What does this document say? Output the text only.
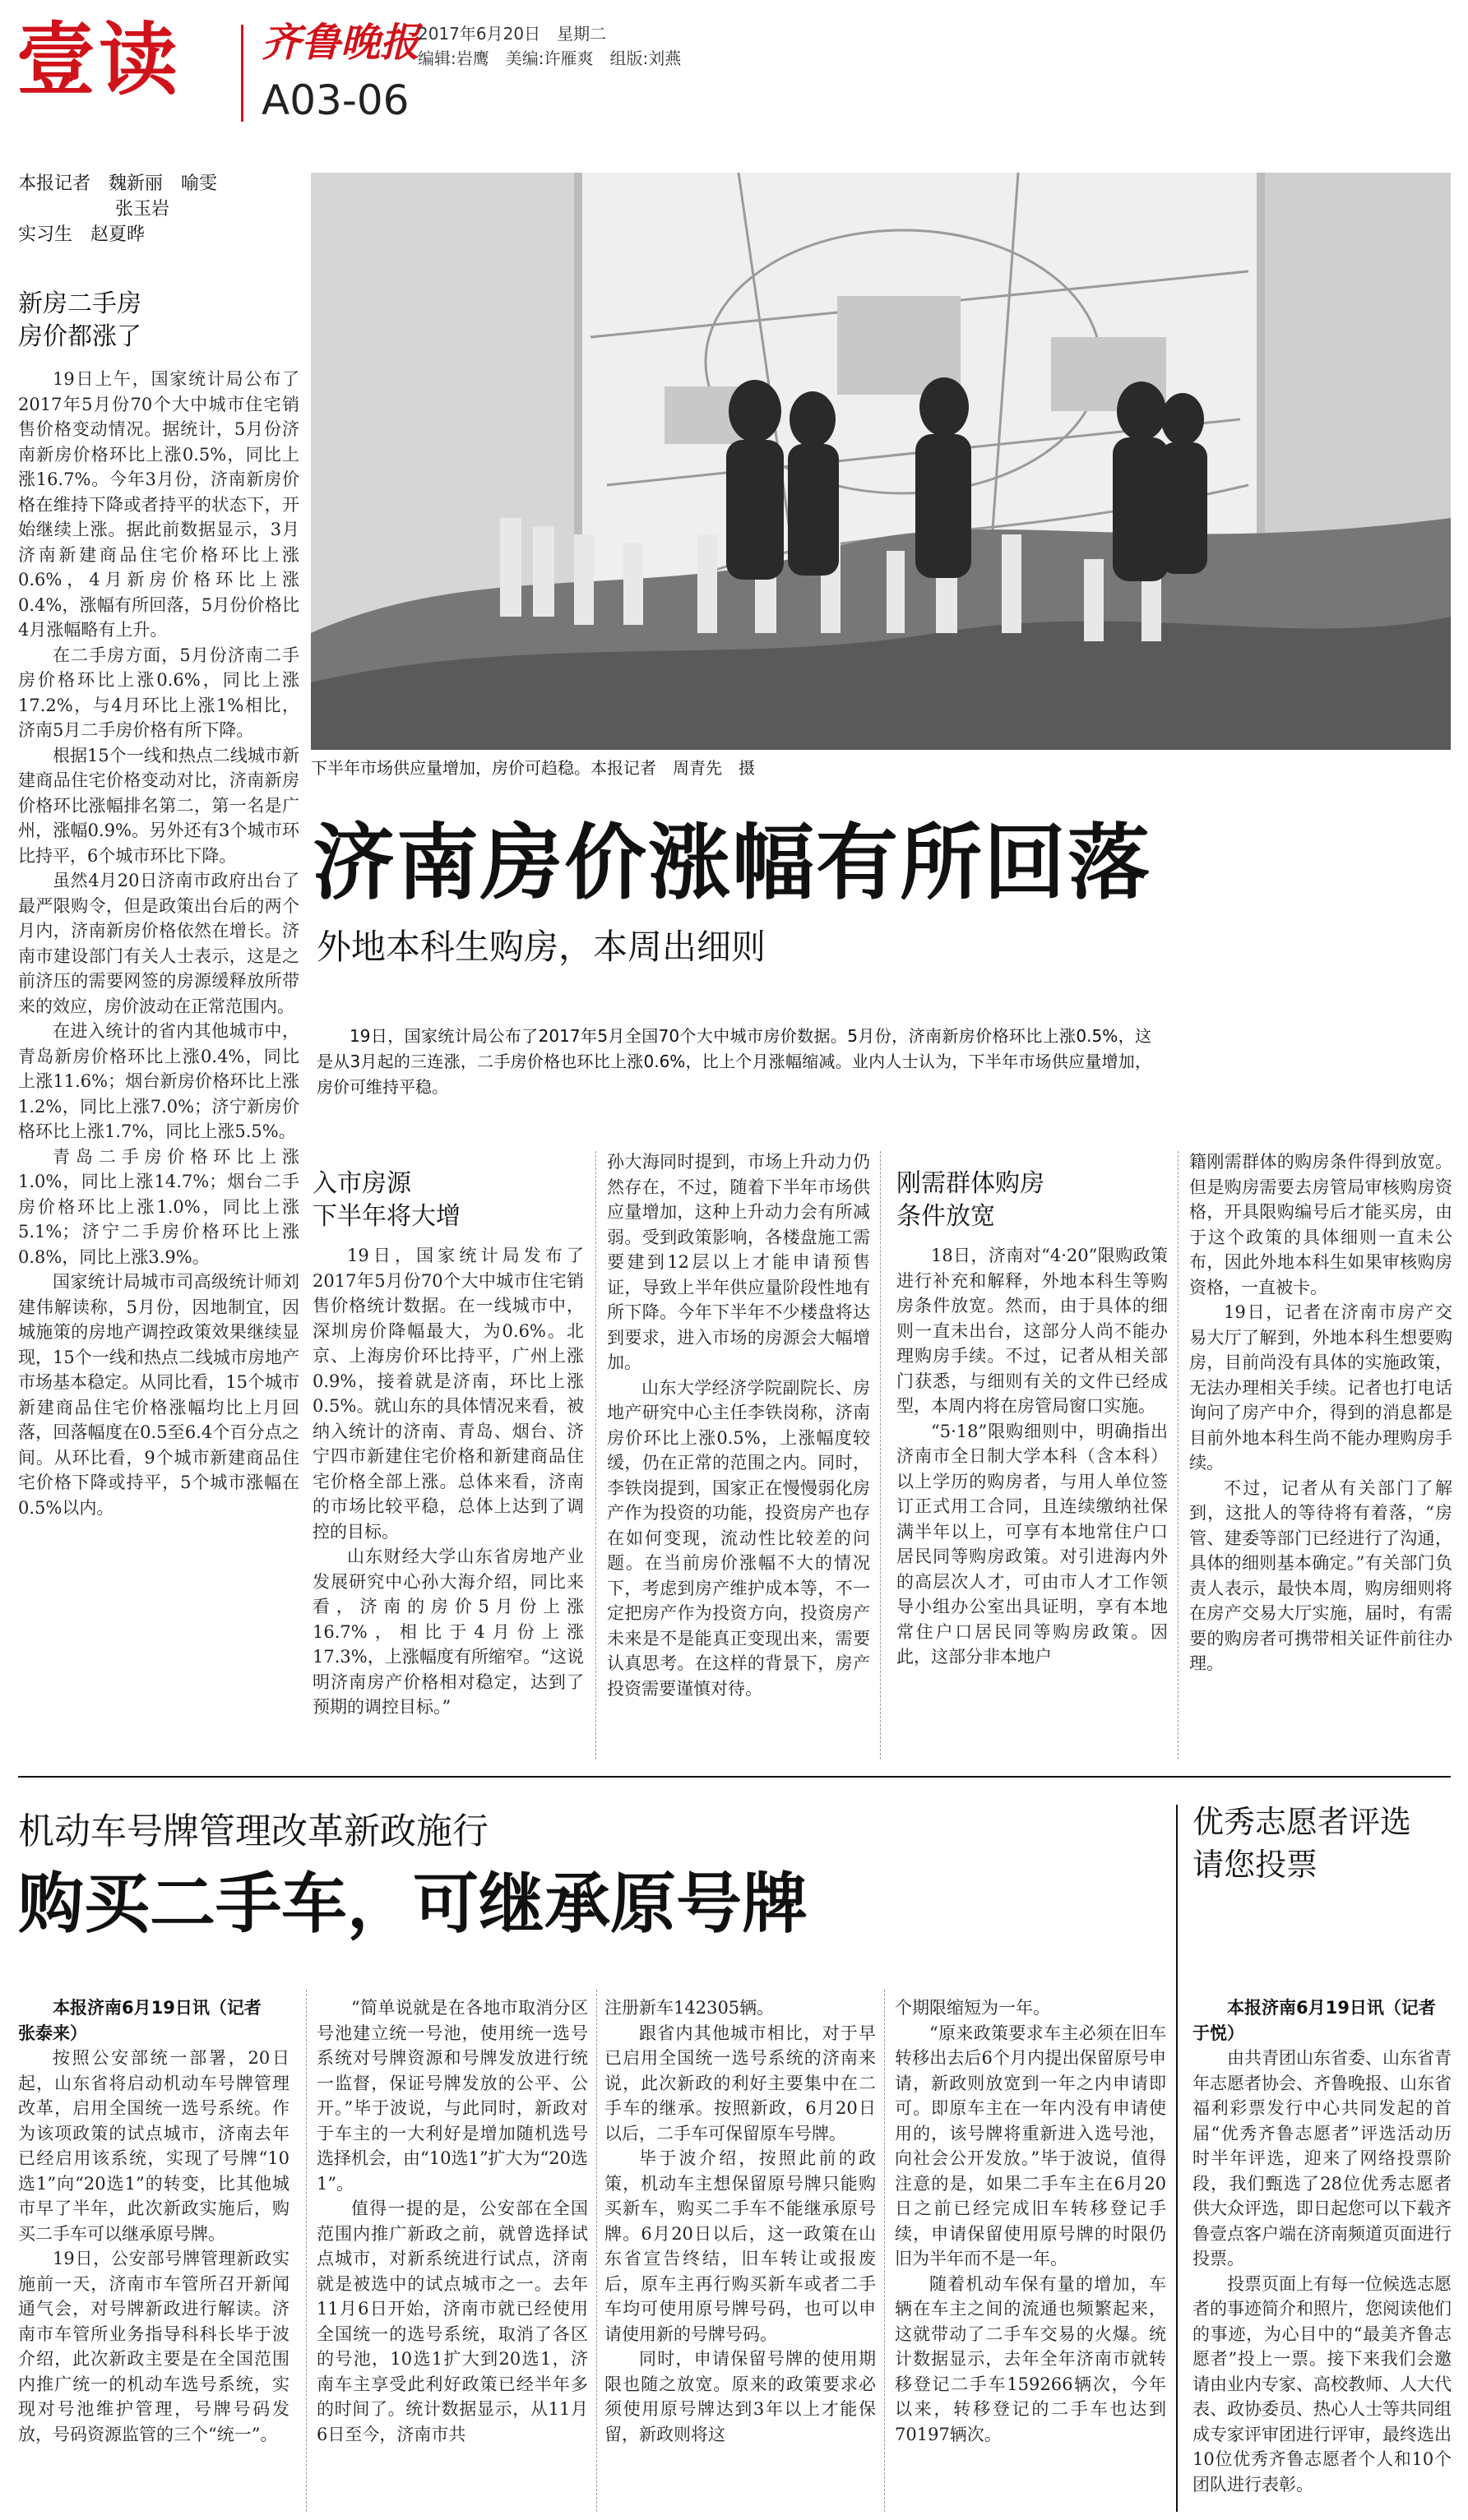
壹读 齐鲁晚报
A03-06
2017年6月20日　星期二
编辑:岩鹰　美编:许雁爽　组版:刘燕
本报记者　魏新丽　喻雯
张玉岩
实习生　赵夏晔
新房二手房
房价都涨了

19日上午，国家统计局公布了2017年5月份70个大中城市住宅销售价格变动情况。据统计，5月份济南新房价格环比上涨0.5%，同比上涨16.7%。今年3月份，济南新房价格在维持下降或者持平的状态下，开始继续上涨。据此前数据显示，3月济南新建商品住宅价格环比上涨0.6%，4月新房价格环比上涨0.4%，涨幅有所回落，5月份价格比4月涨幅略有上升。

在二手房方面，5月份济南二手房价格环比上涨0.6%，同比上涨17.2%，与4月环比上涨1%相比，济南5月二手房价格有所下降。

根据15个一线和热点二线城市新建商品住宅价格变动对比，济南新房价格环比涨幅排名第二，第一名是广州，涨幅0.9%。另外还有3个城市环比持平，6个城市环比下降。

虽然4月20日济南市政府出台了最严限购令，但是政策出台后的两个月内，济南新房价格依然在增长。济南市建设部门有关人士表示，这是之前济压的需要网签的房源缓释放所带来的效应，房价波动在正常范围内。

在进入统计的省内其他城市中，青岛新房价格环比上涨0.4%，同比上涨11.6%；烟台新房价格环比上涨1.2%，同比上涨7.0%；济宁新房价格环比上涨1.7%，同比上涨5.5%。

青岛二手房价格环比上涨1.0%，同比上涨14.7%；烟台二手房价格环比上涨1.0%，同比上涨5.1%；济宁二手房价格环比上涨0.8%，同比上涨3.9%。

国家统计局城市司高级统计师刘建伟解读称，5月份，因地制宜，因城施策的房地产调控政策效果继续显现，15个一线和热点二线城市房地产市场基本稳定。从同比看，15个城市新建商品住宅价格涨幅均比上月回落，回落幅度在0.5至6.4个百分点之间。从环比看，9个城市新建商品住宅价格下降或持平，5个城市涨幅在0.5%以内。

下半年市场供应量增加，房价可趋稳。本报记者　周青先　摄
济南房价涨幅有所回落
外地本科生购房，本周出细则
19日，国家统计局公布了2017年5月全国70个大中城市房价数据。5月份，济南新房价格环比上涨0.5%，这是从3月起的三连涨，二手房价格也环比上涨0.6%，比上个月涨幅缩减。业内人士认为，下半年市场供应量增加，房价可维持平稳。
入市房源
下半年将大增

19日，国家统计局发布了2017年5月份70个大中城市住宅销售价格统计数据。在一线城市中，深圳房价降幅最大，为0.6%。北京、上海房价环比持平，广州上涨0.9%，接着就是济南，环比上涨0.5%。就山东的具体情况来看，被纳入统计的济南、青岛、烟台、济宁四市新建住宅价格和新建商品住宅价格全部上涨。总体来看，济南的市场比较平稳，总体上达到了调控的目标。

山东财经大学山东省房地产业发展研究中心孙大海介绍，同比来看，济南的房价5月份上涨16.7%，相比于4月份上涨17.3%，上涨幅度有所缩窄。“这说明济南房产价格相对稳定，达到了预期的调控目标。”

孙大海同时提到，市场上升动力仍然存在，不过，随着下半年市场供应量增加，这种上升动力会有所减弱。受到政策影响，各楼盘施工需要建到12层以上才能申请预售证，导致上半年供应量阶段性地有所下降。今年下半年不少楼盘将达到要求，进入市场的房源会大幅增加。

山东大学经济学院副院长、房地产研究中心主任李铁岗称，济南房价环比上涨0.5%，上涨幅度较缓，仍在正常的范围之内。同时，李铁岗提到，国家正在慢慢弱化房产作为投资的功能，投资房产也存在如何变现，流动性比较差的问题。在当前房价涨幅不大的情况下，考虑到房产维护成本等，不一定把房产作为投资方向，投资房产未来是不是能真正变现出来，需要认真思考。在这样的背景下，房产投资需要谨慎对待。

刚需群体购房
条件放宽

18日，济南对“4·20”限购政策进行补充和解释，外地本科生等购房条件放宽。然而，由于具体的细则一直未出台，这部分人尚不能办理购房手续。不过，记者从相关部门获悉，与细则有关的文件已经成型，本周内将在房管局窗口实施。

“5·18”限购细则中，明确指出济南市全日制大学本科（含本科）以上学历的购房者，与用人单位签订正式用工合同，且连续缴纳社保满半年以上，可享有本地常住户口居民同等购房政策。对引进海内外的高层次人才，可由市人才工作领导小组办公室出具证明，享有本地常住户口居民同等购房政策。因此，这部分非本地户

籍刚需群体的购房条件得到放宽。但是购房需要去房管局审核购房资格，开具限购编号后才能买房，由于这个政策的具体细则一直未公布，因此外地本科生如果审核购房资格，一直被卡。

19日，记者在济南市房产交易大厅了解到，外地本科生想要购房，目前尚没有具体的实施政策，无法办理相关手续。记者也打电话询问了房产中介，得到的消息都是目前外地本科生尚不能办理购房手续。

不过，记者从有关部门了解到，这批人的等待将有着落，“房管、建委等部门已经进行了沟通，具体的细则基本确定。”有关部门负责人表示，最快本周，购房细则将在房产交易大厅实施，届时，有需要的购房者可携带相关证件前往办理。

机动车号牌管理改革新政施行
购买二手车，可继承原号牌
本报济南6月19日讯（记者　张泰来）

按照公安部统一部署，20日起，山东省将启动机动车号牌管理改革，启用全国统一选号系统。作为该项政策的试点城市，济南去年已经启用该系统，实现了号牌“10选1”向“20选1”的转变，比其他城市早了半年，此次新政实施后，购买二手车可以继承原号牌。

19日，公安部号牌管理新政实施前一天，济南市车管所召开新闻通气会，对号牌新政进行解读。济南市车管所业务指导科科长毕于波介绍，此次新政主要是在全国范围内推广统一的机动车选号系统，实现对号池维护管理，号牌号码发放，号码资源监管的三个“统一”。

“简单说就是在各地市取消分区号池建立统一号池，使用统一选号系统对号牌资源和号牌发放进行统一监督，保证号牌发放的公平、公开。”毕于波说，与此同时，新政对于车主的一大利好是增加随机选号选择机会，由“10选1”扩大为“20选1”。

值得一提的是，公安部在全国范围内推广新政之前，就曾选择试点城市，对新系统进行试点，济南就是被选中的试点城市之一。去年11月6日开始，济南市就已经使用全国统一的选号系统，取消了各区的号池，10选1扩大到20选1，济南车主享受此利好政策已经半年多的时间了。统计数据显示，从11月6日至今，济南市共

注册新车142305辆。

跟省内其他城市相比，对于早已启用全国统一选号系统的济南来说，此次新政的利好主要集中在二手车的继承。按照新政，6月20日以后，二手车可保留原车号牌。

毕于波介绍，按照此前的政策，机动车主想保留原号牌只能购买新车，购买二手车不能继承原号牌。6月20日以后，这一政策在山东省宣告终结，旧车转让或报废后，原车主再行购买新车或者二手车均可使用原号牌号码，也可以申请使用新的号牌号码。

同时，申请保留号牌的使用期限也随之放宽。原来的政策要求必须使用原号牌达到3年以上才能保留，新政则将这

个期限缩短为一年。

“原来政策要求车主必须在旧车转移出去后6个月内提出保留原号申请，新政则放宽到一年之内申请即可。即原车主在一年内没有申请使用的，该号牌将重新进入选号池，向社会公开发放。”毕于波说，值得注意的是，如果二手车主在6月20日之前已经完成旧车转移登记手续，申请保留使用原号牌的时限仍旧为半年而不是一年。

随着机动车保有量的增加，车辆在车主之间的流通也频繁起来，这就带动了二手车交易的火爆。统计数据显示，去年全年济南市就转移登记二手车159266辆次，今年以来，转移登记的二手车也达到70197辆次。

优秀志愿者评选
请您投票
本报济南6月19日讯（记者　于悦）

由共青团山东省委、山东省青年志愿者协会、齐鲁晚报、山东省福利彩票发行中心共同发起的首届“优秀齐鲁志愿者”评选活动历时半年评选，迎来了网络投票阶段，我们甄选了28位优秀志愿者供大众评选，即日起您可以下载齐鲁壹点客户端在济南频道页面进行投票。

投票页面上有每一位候选志愿者的事迹简介和照片，您阅读他们的事迹，为心目中的“最美齐鲁志愿者”投上一票。接下来我们会邀请由业内专家、高校教师、人大代表、政协委员、热心人士等共同组成专家评审团进行评审，最终选出10位优秀齐鲁志愿者个人和10个团队进行表彰。
